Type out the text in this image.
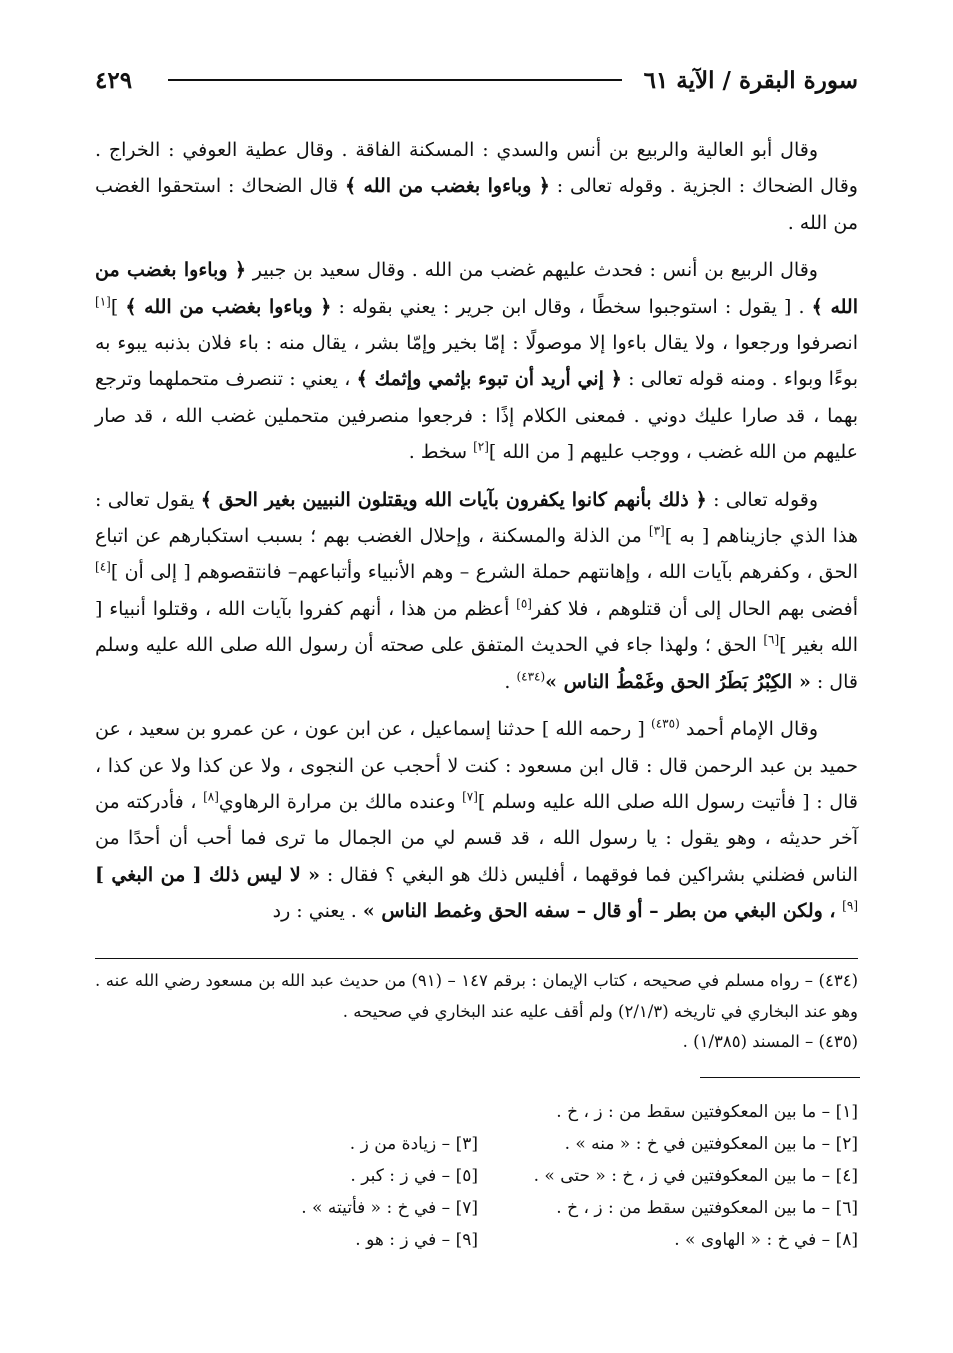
سورة البقرة / الآية ٦١
٤٢٩

وقال أبو العالية والربيع بن أنس والسدي : المسكنة الفاقة . وقال عطية العوفي : الخراج . وقال الضحاك : الجزية . وقوله تعالى : ﴿ وباءوا بغضب من الله ﴾ قال الضحاك : استحقوا الغضب من الله .

وقال الربيع بن أنس : فحدث عليهم غضب من الله . وقال سعيد بن جبير ﴿ وباءوا بغضب من الله ﴾ . [ يقول : استوجبوا سخطًا ، وقال ابن جرير : يعني بقوله : ﴿ وباءوا بغضب من الله ﴾ ][١] انصرفوا ورجعوا ، ولا يقال باءوا إلا موصولًا : إمّا بخير وإمّا بشر ، يقال منه : باء فلان بذنبه يبوء به بوءًا وبواء . ومنه قوله تعالى : ﴿ إني أريد أن تبوء بإثمي وإثمك ﴾ ، يعني : تنصرف متحملهما وترجع بهما ، قد صارا عليك دوني . فمعنى الكلام إذًا : فرجعوا منصرفين متحملين غضب الله ، قد صار عليهم من الله غضب ، ووجب عليهم [ من الله ][٢] سخط .

وقوله تعالى : ﴿ ذلك بأنهم كانوا يكفرون بآيات الله ويقتلون النبيين بغير الحق ﴾ يقول تعالى : هذا الذي جازيناهم [ به ][٣] من الذلة والمسكنة ، وإحلال الغضب بهم ؛ بسبب استكبارهم عن اتباع الحق ، وكفرهم بآيات الله ، وإهانتهم حملة الشرع – وهم الأنبياء وأتباعهم– فانتقصوهم [ إلى أن ][٤] أفضى بهم الحال إلى أن قتلوهم ، فلا كفر[٥] أعظم من هذا ، أنهم كفروا بآيات الله ، وقتلوا أنبياء [ الله بغير ][٦] الحق ؛ ولهذا جاء في الحديث المتفق على صحته أن رسول الله صلى الله عليه وسلم قال : « الكِبْرُ بَطَرُ الحق وغَمْطُ الناس »$^{(٤٣٤)}$ .

وقال الإمام أحمد $^{(٤٣٥)}$ [ رحمه الله ] حدثنا إسماعيل ، عن ابن عون ، عن عمرو بن سعيد ، عن حميد بن عبد الرحمن قال : قال ابن مسعود : كنت لا أحجب عن النجوى ، ولا عن كذا ولا عن كذا ، قال : [ فأتيت رسول الله صلى الله عليه وسلم ][٧] وعنده مالك بن مرارة الرهاوي[٨] ، فأدركته من آخر حديثه ، وهو يقول : يا رسول الله ، قد قسم لي من الجمال ما ترى فما أحب أن أحدًا من الناس فضلني بشراكين فما فوقهما ، أفليس ذلك هو البغي ؟ فقال : « لا ليس ذلك [ من البغي ][٩] ، ولكن البغي من بطر – أو قال – سفه الحق وغمط الناس » . يعني : رد

(٤٣٤) – رواه مسلم في صحيحه ، كتاب الإيمان : برقم ١٤٧ – (٩١) من حديث عبد الله بن مسعود رضي الله عنه . وهو عند البخاري في تاريخه (٢/١/٣) ولم أقف عليه عند البخاري في صحيحه .

(٤٣٥) – المسند (١/٣٨٥) .

[١] – ما بين المعكوفتين سقط من : ز ، خ .
[٢] – ما بين المعكوفتين في خ : « منه » .
[٣] – زيادة من ز .
[٤] – ما بين المعكوفتين في ز ، خ : « حتى » .
[٥] – في ز : كبر .
[٦] – ما بين المعكوفتين سقط من : ز ، خ .
[٧] – في خ : « فأتيته » .
[٨] – في خ : « الهاوى » .
[٩] – في ز : هو .
